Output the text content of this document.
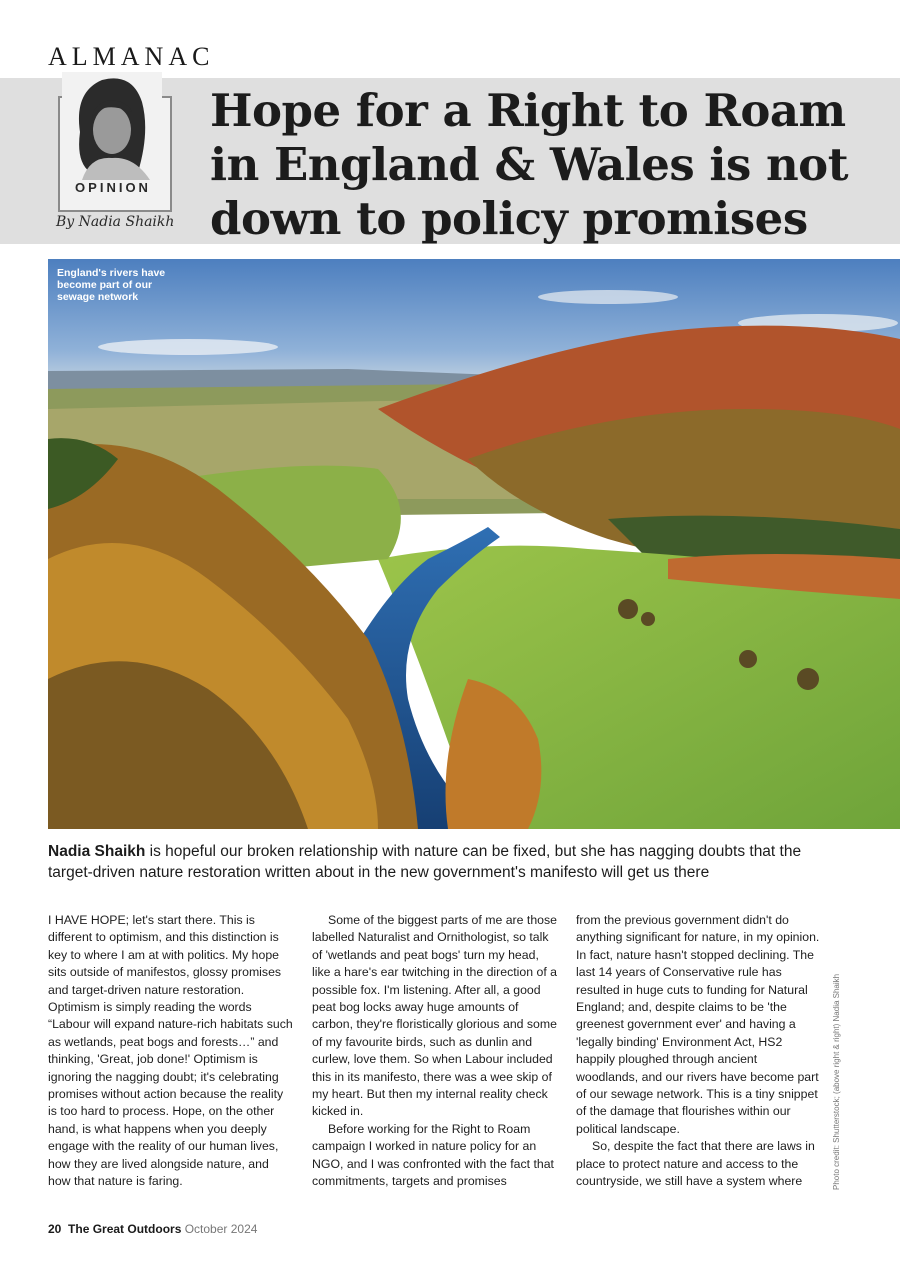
ALMANAC
Hope for a Right to Roam in England & Wales is not down to policy promises
OPINION
By Nadia Shaikh
England's rivers have become part of our sewage network

Nadia Shaikh is hopeful our broken relationship with nature can be fixed, but she has nagging doubts that the target-driven nature restoration written about in the new government's manifesto will get us there

I HAVE HOPE; let's start there. This is different to optimism, and this distinction is key to where I am at with politics. My hope sits outside of manifestos, glossy promises and target-driven nature restoration. Optimism is simply reading the words “Labour will expand nature-rich habitats such as wetlands, peat bogs and forests…” and thinking, 'Great, job done!' Optimism is ignoring the nagging doubt; it's celebrating promises without action because the reality is too hard to process. Hope, on the other hand, is what happens when you deeply engage with the reality of our human lives, how they are lived alongside nature, and how that nature is faring.

Some of the biggest parts of me are those labelled Naturalist and Ornithologist, so talk of 'wetlands and peat bogs' turn my head, like a hare's ear twitching in the direction of a possible fox. I'm listening. After all, a good peat bog locks away huge amounts of carbon, they're floristically glorious and some of my favourite birds, such as dunlin and curlew, love them. So when Labour included this in its manifesto, there was a wee skip of my heart. But then my internal reality check kicked in.

Before working for the Right to Roam campaign I worked in nature policy for an NGO, and I was confronted with the fact that commitments, targets and promises

from the previous government didn't do anything significant for nature, in my opinion. In fact, nature hasn't stopped declining. The last 14 years of Conservative rule has resulted in huge cuts to funding for Natural England; and, despite claims to be 'the greenest government ever' and having a 'legally binding' Environment Act, HS2 happily ploughed through ancient woodlands, and our rivers have become part of our sewage network. This is a tiny snippet of the damage that flourishes within our political landscape.

So, despite the fact that there are laws in place to protect nature and access to the countryside, we still have a system where	Photo credit: Shutterstock; (above right & right) Nadia Shaikh
20 The Great Outdoors October 2024
